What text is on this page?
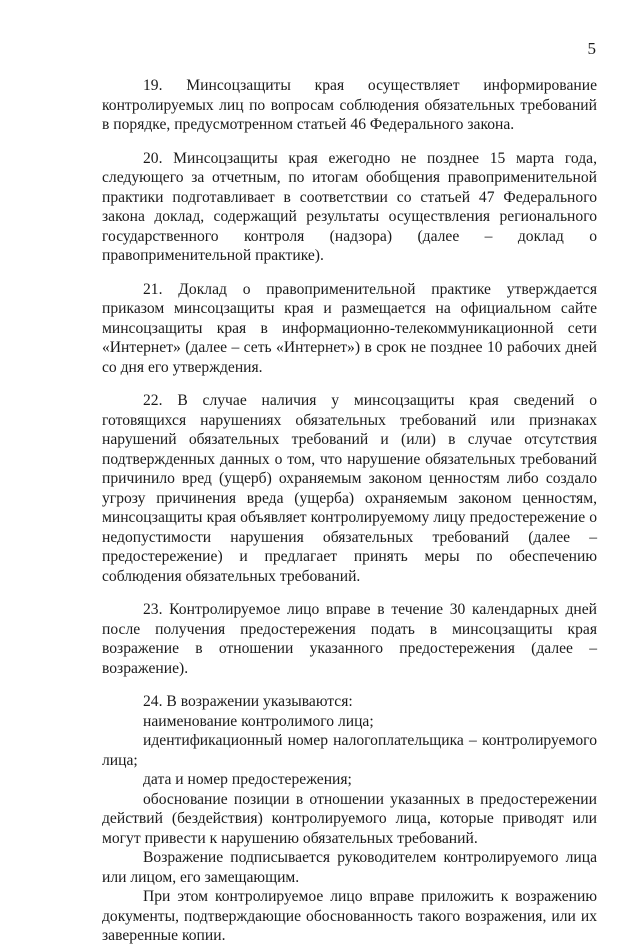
5

19. Минсоцзащиты края осуществляет информирование контролируемых лиц по вопросам соблюдения обязательных требований в порядке, предусмотренном статьей 46 Федерального закона.

20. Минсоцзащиты края ежегодно не позднее 15 марта года, следующего за отчетным, по итогам обобщения правоприменительной практики подготавливает в соответствии со статьей 47 Федерального закона доклад, содержащий результаты осуществления регионального государственного контроля (надзора) (далее – доклад о правоприменительной практике).

21. Доклад о правоприменительной практике утверждается приказом минсоцзащиты края и размещается на официальном сайте минсоцзащиты края в информационно-телекоммуникационной сети «Интернет» (далее – сеть «Интернет») в срок не позднее 10 рабочих дней со дня его утверждения.

22. В случае наличия у минсоцзащиты края сведений о готовящихся нарушениях обязательных требований или признаках нарушений обязательных требований и (или) в случае отсутствия подтвержденных данных о том, что нарушение обязательных требований причинило вред (ущерб) охраняемым законом ценностям либо создало угрозу причинения вреда (ущерба) охраняемым законом ценностям, минсоцзащиты края объявляет контролируемому лицу предостережение о недопустимости нарушения обязательных требований (далее – предостережение) и предлагает принять меры по обеспечению соблюдения обязательных требований.

23. Контролируемое лицо вправе в течение 30 календарных дней после получения предостережения подать в минсоцзащиты края возражение в отношении указанного предостережения (далее – возражение).

24. В возражении указываются:

наименование контролимого лица;

идентификационный номер налогоплательщика – контролируемого лица;

дата и номер предостережения;

обоснование позиции в отношении указанных в предостережении действий (бездействия) контролируемого лица, которые приводят или могут привести к нарушению обязательных требований.

Возражение подписывается руководителем контролируемого лица или лицом, его замещающим.

При этом контролируемое лицо вправе приложить к возражению документы, подтверждающие обоснованность такого возражения, или их заверенные копии.
